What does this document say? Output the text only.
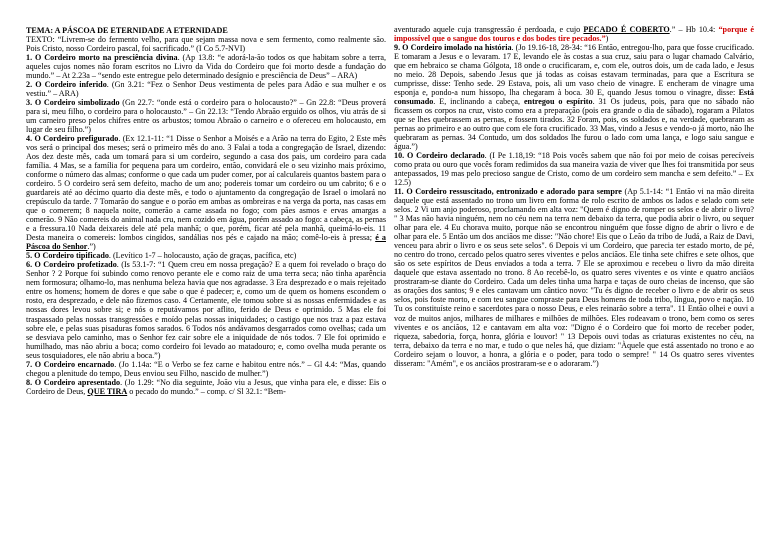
TEMA: A PÁSCOA DE ETERNIDADE A ETERNIDADE

TEXTO: “Livrem-se do fermento velho, para que sejam massa nova e sem fermento, como realmente são. Pois Cristo, nosso Cordeiro pascal, foi sacrificado.” (I Co 5.7-NVI)

1. O Cordeiro morto na presciência divina. (Ap 13.8: “e adorá-la-ão todos os que habitam sobre a terra, aqueles cujos nomes não foram escritos no Livro da Vida do Cordeiro que foi morto desde a fundação do mundo.” – At 2.23a – “sendo este entregue pelo determinado desígnio e presciência de Deus” – ARA)

2. O Cordeiro inferido. (Gn 3.21: “Fez o Senhor Deus vestimenta de peles para Adão e sua mulher e os vestiu.” – ARA)

3. O Cordeiro simbolizado (Gn 22.7: “onde está o cordeiro para o holocausto?” – Gn 22.8: “Deus proverá para si, meu filho, o cordeiro para o holocausto.” – Gn 22.13: “Tendo Abraão erguido os olhos, viu atrás de si um carneiro preso pelos chifres entre os arbustos; tomou Abraão o carneiro e o ofereceu em holocausto, em lugar de seu filho.”)

4. O Cordeiro prefigurado. (Ex 12.1-11: “1 Disse o Senhor a Moisés e a Arão na terra do Egito, 2 Este mês vos será o principal dos meses; será o primeiro mês do ano. 3 Falai a toda a congregação de Israel, dizendo: Aos dez deste mês, cada um tomará para si um cordeiro, segundo a casa dos pais, um cordeiro para cada família. 4 Mas, se a família for pequena para um cordeiro, então, convidará ele o seu vizinho mais próximo, conforme o número das almas; conforme o que cada um puder comer, por aí calculareis quantos bastem para o cordeiro. 5 O cordeiro será sem defeito, macho de um ano; podereis tomar um cordeiro ou um cabrito; 6 e o guardareis até ao décimo quarto dia deste mês, e todo o ajuntamento da congregação de Israel o imolará no crepúsculo da tarde. 7 Tomarão do sangue e o porão em ambas as ombreiras e na verga da porta, nas casas em que o comerem; 8 naquela noite, comerão a carne assada no fogo; com pães asmos e ervas amargas a comerão. 9 Não comereis do animal nada cru, nem cozido em água, porém assado ao fogo: a cabeça, as pernas e a fressura.10 Nada deixareis dele até pela manhã; o que, porém, ficar até pela manhã, queimá-lo-eis. 11 Desta maneira o comereis: lombos cingidos, sandálias nos pés e cajado na mão; comê-lo-eis à pressa; é a Páscoa do Senhor.”)

5. O Cordeiro tipificado. (Levítico 1-7 – holocausto, ação de graças, pacífica, etc)

6. O Cordeiro profetizado. (Is 53.1-7: “1 Quem creu em nossa pregação? E a quem foi revelado o braço do Senhor ? 2 Porque foi subindo como renovo perante ele e como raiz de uma terra seca; não tinha aparência nem formosura; olhamo-lo, mas nenhuma beleza havia que nos agradasse. 3 Era desprezado e o mais rejeitado entre os homens; homem de dores e que sabe o que é padecer; e, como um de quem os homens escondem o rosto, era desprezado, e dele não fizemos caso. 4 Certamente, ele tomou sobre si as nossas enfermidades e as nossas dores levou sobre si; e nós o reputávamos por aflito, ferido de Deus e oprimido. 5 Mas ele foi traspassado pelas nossas transgressões e moído pelas nossas iniquidades; o castigo que nos traz a paz estava sobre ele, e pelas suas pisaduras fomos sarados. 6 Todos nós andávamos desgarrados como ovelhas; cada um se desviava pelo caminho, mas o Senhor fez cair sobre ele a iniquidade de nós todos. 7 Ele foi oprimido e humilhado, mas não abriu a boca; como cordeiro foi levado ao matadouro; e, como ovelha muda perante os seus tosquiadores, ele não abriu a boca.”)

7. O Cordeiro encarnado. (Jo 1.14a: “E o Verbo se fez carne e habitou entre nós.” – Gl 4.4: “Mas, quando chegou a plenitude do tempo, Deus enviou seu Filho, nascido de mulher.”)

8. O Cordeiro apresentado. (Jo 1.29: “No dia seguinte, João viu a Jesus, que vinha para ele, e disse: Eis o Cordeiro de Deus, QUE TIRA o pecado do mundo.” – comp. c/ Sl 32.1: “Bem-

aventurado aquele cuja transgressão é perdoada, e cujo PECADO É COBERTO.” – Hb 10.4: “porque é impossível que o sangue dos touros e dos bodes tire pecados.”)

9. O Cordeiro imolado na história. (Jo 19.16-18, 28-34: “16 Então, entregou-lho, para que fosse crucificado. E tomaram a Jesus e o levaram. 17 E, levando ele às costas a sua cruz, saiu para o lugar chamado Calvário, que em hebraico se chama Gólgota, 18 onde o crucificaram, e, com ele, outros dois, um de cada lado, e Jesus no meio. 28 Depois, sabendo Jesus que já todas as coisas estavam terminadas, para que a Escritura se cumprisse, disse: Tenho sede. 29 Estava, pois, ali um vaso cheio de vinagre. E encheram de vinagre uma esponja e, pondo-a num hissopo, lha chegaram à boca. 30 E, quando Jesus tomou o vinagre, disse: Está consumado. E, inclinando a cabeça, entregou o espírito. 31 Os judeus, pois, para que no sábado não ficassem os corpos na cruz, visto como era a preparação (pois era grande o dia de sábado), rogaram a Pilatos que se lhes quebrassem as pernas, e fossem tirados. 32 Foram, pois, os soldados e, na verdade, quebraram as pernas ao primeiro e ao outro que com ele fora crucificado. 33 Mas, vindo a Jesus e vendo-o já morto, não lhe quebraram as pernas. 34 Contudo, um dos soldados lhe furou o lado com uma lança, e logo saiu sangue e água.”)

10. O Cordeiro declarado. (I Pe 1.18,19: “18 Pois vocês sabem que não foi por meio de coisas perecíveis como prata ou ouro que vocês foram redimidos da sua maneira vazia de viver que lhes foi transmitida por seus antepassados, 19 mas pelo precioso sangue de Cristo, como de um cordeiro sem mancha e sem defeito.” – Ex 12.5)

11. O Cordeiro ressuscitado, entronizado e adorado para sempre (Ap 5.1-14: “1 Então vi na mão direita daquele que está assentado no trono um livro em forma de rolo escrito de ambos os lados e selado com sete selos. 2 Vi um anjo poderoso, proclamando em alta voz: "Quem é digno de romper os selos e de abrir o livro? " 3 Mas não havia ninguém, nem no céu nem na terra nem debaixo da terra, que podia abrir o livro, ou sequer olhar para ele. 4 Eu chorava muito, porque não se encontrou ninguém que fosse digno de abrir o livro e de olhar para ele. 5 Então um dos anciãos me disse: "Não chore! Eis que o Leão da tribo de Judá, a Raiz de Davi, venceu para abrir o livro e os seus sete selos". 6 Depois vi um Cordeiro, que parecia ter estado morto, de pé, no centro do trono, cercado pelos quatro seres viventes e pelos anciãos. Ele tinha sete chifres e sete olhos, que são os sete espíritos de Deus enviados a toda a terra. 7 Ele se aproximou e recebeu o livro da mão direita daquele que estava assentado no trono. 8 Ao recebê-lo, os quatro seres viventes e os vinte e quatro anciãos prostraram-se diante do Cordeiro. Cada um deles tinha uma harpa e taças de ouro cheias de incenso, que são as orações dos santos; 9 e eles cantavam um cântico novo: "Tu és digno de receber o livro e de abrir os seus selos, pois foste morto, e com teu sangue compraste para Deus homens de toda tribo, língua, povo e nação. 10 Tu os constituíste reino e sacerdotes para o nosso Deus, e eles reinarão sobre a terra". 11 Então olhei e ouvi a voz de muitos anjos, milhares de milhares e milhões de milhões. Eles rodeavam o trono, bem como os seres viventes e os anciãos, 12 e cantavam em alta voz: "Digno é o Cordeiro que foi morto de receber poder, riqueza, sabedoria, força, honra, glória e louvor! " 13 Depois ouvi todas as criaturas existentes no céu, na terra, debaixo da terra e no mar, e tudo o que neles há, que diziam: "Àquele que está assentado no trono e ao Cordeiro sejam o louvor, a honra, a glória e o poder, para todo o sempre! " 14 Os quatro seres viventes disseram: "Amém", e os anciãos prostraram-se e o adoraram.”)
